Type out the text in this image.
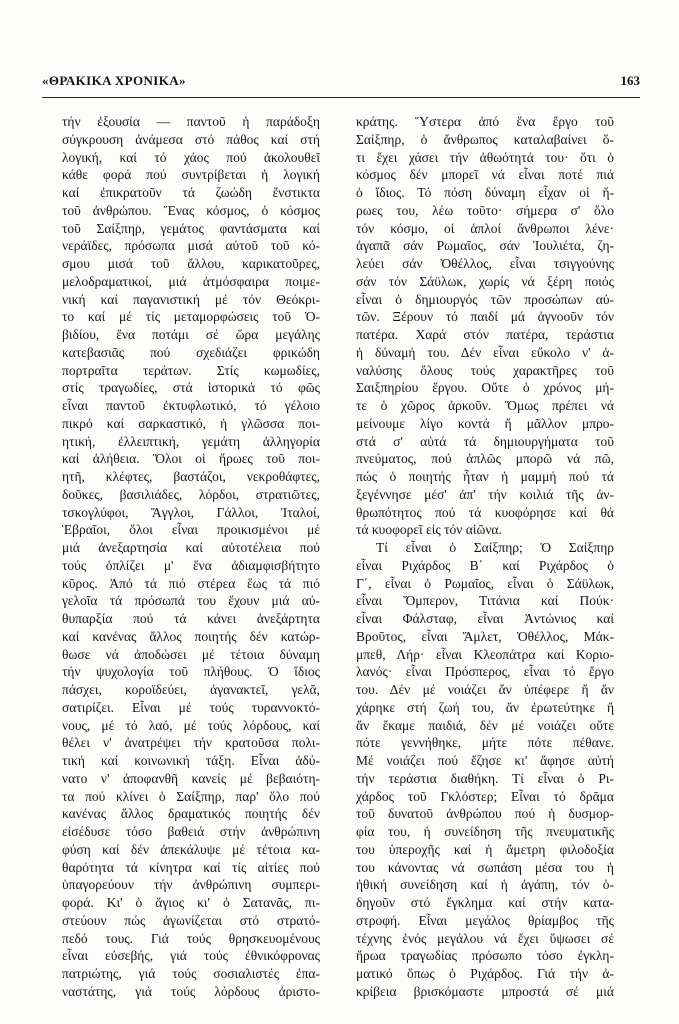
«ΘΡΑΚΙΚΑ ΧΡΟΝΙΚΑ»	163
τήν ἐξουσία — παντοῦ ἡ παράδοξη
σύγκρουση ἀνάμεσα στό πάθος καί στή
λογική, καί τό χάος πού ἀκολουθεῖ
κάθε φορά πού συντρίβεται ἡ λογική
καί ἐπικρατοῦν τά ζωώδη ἔνστικτα
τοῦ ἀνθρώπου. Ἕνας κόσμος, ὁ κόσμος
τοῦ Σαίξπηρ, γεμάτος φαντάσματα καί
νεράϊδες, πρόσωπα μισά αὐτοῦ τοῦ κό-
σμου μισά τοῦ ἄλλου, καρικατοῦρες,
μελοδραματικοί, μιά ἀτμόσφαιρα ποιμε-
νική καί παγανιστική μέ τόν Θεόκρι-
το καί μέ τίς μεταμορφώσεις τοῦ Ὀ-
βιδίου, ἕνα ποτάμι σέ ὥρα μεγάλης
κατεβασιᾶς πού σχεδιάζει φρικώδη
πορτραῖτα τεράτων. Στίς κωμωδίες,
στίς τραγωδίες, στά ἱστορικά τό φῶς
εἶναι παντοῦ ἐκτυφλωτικό, τό γέλοιο
πικρό καί σαρκαστικό, ἡ γλῶσσα ποι-
ητική, ἐλλειπτική, γεμάτη ἀλληγορία
καί ἀλήθεια. Ὅλοι οἱ ἥρωες τοῦ ποι-
ητῆ, κλέφτες, βαστάζοι, νεκροθάφτες,
δοῦκες, βασιλιάδες, λόρδοι, στρατιῶτες,
τσκογλύφοι, Ἄγγλοι, Γάλλοι, Ἰταλοί,
Ἑβραῖοι, ὅλοι εἶναι προικισμένοι μέ
μιά ἀνεξαρτησία καί αὐτοτέλεια πού
τούς ὁπλίζει μ' ἕνα ἀδιαμφισβήτητο
κῦρος. Ἀπό τά πιό στέρεα ἕως τά πιό
γελοῖα τά πρόσωπά του ἔχουν μιά αὐ-
θυπαρξία πού τά κάνει ἀνεξάρτητα
καί κανένας ἄλλος ποιητής δέν κατώρ-
θωσε νά ἀποδώσει μέ τέτοια δύναμη
τήν ψυχολογία τοῦ πλήθους. Ὁ ἴδιος
πάσχει, κοροϊδεύει, ἀγανακτεῖ, γελᾶ,
σατιρίζει. Εἶναι μέ τούς τυραννοκτό-
νους, μέ τό λαό, μέ τούς λόρδους, καί
θέλει ν' ἀνατρέψει τήν κρατοῦσα πολι-
τική καί κοινωνική τάξη. Εἶναι ἀδύ-
νατο ν' ἀποφανθῆ κανείς μέ βεβαιότη-
τα πού κλίνει ὁ Σαίξπηρ, παρ' ὅλο πού
κανένας ἄλλος δραματικός ποιητής δέν
εἰσέδυσε τόσο βαθειά στήν ἀνθρώπινη
φύση καί δέν ἀπεκάλυψε μέ τέτοια κα-
θαρότητα τά κίνητρα καί τίς αἰτίες πού
ὑπαγορεύουν τήν ἀνθρώπινη συμπερι-
φορά. Κι' ὁ ἅγιος κι' ὁ Σατανᾶς, πι-
στεύουν πώς ἀγωνίζεται στό στρατό-
πεδό τους. Γιά τούς θρησκευομένους
εἶναι εὐσεβής, γιά τούς ἐθνικόφρονας
πατριώτης, γιά τούς σοσιαλιστές ἐπα-
ναστάτης, γιά τούς λόρδους ἀριστο-
κράτης. Ὕστερα ἀπό ἕνα ἔργο τοῦ
Σαίξπηρ, ὁ ἄνθρωπος καταλαβαίνει ὅ-
τι ἔχει χάσει τήν ἀθωότητά του· ὅτι ὁ
κόσμος δέν μπορεῖ νά εἶναι ποτέ πιά
ὁ ἴδιος. Τό πόση δύναμη εἶχαν οἱ ἥ-
ρωες του, λέω τοῦτο· σήμερα σ' ὅλο
τόν κόσμο, οἱ ἁπλοί ἄνθρωποι λένε·
ἀγαπᾶ σάν Ρωμαῖος, σάν Ἰουλιέτα, ζη-
λεύει σάν Ὀθέλλος, εἶναι τσιγγούνης
σάν τόν Σάϋλωκ, χωρίς νά ξέρη ποιός
εἶναι ὁ δημιουργός τῶν προσώπων αὐ-
τῶν. Ξέρουν τό παιδί μά ἀγνοοῦν τόν
πατέρα. Χαρά στόν πατέρα, τεράστια
ἡ δύναμή του. Δέν εἶναι εὔκολο ν' ἀ-
ναλύσης ὅλους τούς χαρακτῆρες τοῦ
Σαιξπηρίου ἔργου. Οὔτε ὁ χρόνος μή-
τε ὁ χῶρος ἀρκοῦν. Ὅμως πρέπει νά
μείνουμε λίγο κοντά ἤ μᾶλλον μπρο-
στά σ' αὐτά τά δημιουργήματα τοῦ
πνεύματος, πού ἁπλῶς μπορῶ νά πῶ,
πώς ὁ ποιητής ἦταν ἡ μαμμή πού τά
ξεγέννησε μέσ' ἀπ' τήν κοιλιά τῆς ἀν-
θρωπότητος πού τά κυοφόρησε καί θά
τά κυοφορεῖ εἰς τόν αἰῶνα.
Τί εἶναι ὁ Σαίξπηρ; Ὁ Σαίξπηρ
εἶναι Ριχάρδος Β΄ καί Ριχάρδος ὁ
Γ΄, εἶναι ὁ Ρωμαῖος, εἶναι ὁ Σάϋλωκ,
εἶναι Ὄμπερον, Τιτάνια καί Πούκ·
εἶναι Φάλσταφ, εἶναι Ἀντώνιος καί
Βροῦτος, εἶναι Ἄμλετ, Ὀθέλλος, Μάκ-
μπεθ, Λήρ· εἶναι Κλεοπάτρα καί Κοριο-
λανός· εἶναι Πρόσπερος, εἶναι τό ἔργο
του. Δέν μέ νοιάζει ἄν ὑπέφερε ἤ ἄν
χάρηκε στή ζωή του, ἄν ἐρωτεύτηκε ἤ
ἄν ἔκαμε παιδιά, δέν μέ νοιάζει οὔτε
πότε γεννήθηκε, μήτε πότε πέθανε.
Μέ νοιάζει πού ἔζησε κι' ἄφησε αὐτή
τήν τεράστια διαθήκη. Τί εἶναι ὁ Ρι-
χάρδος τοῦ Γκλόστερ; Εἶναι τό δρᾶμα
τοῦ δυνατοῦ ἀνθρώπου πού ἡ δυσμορ-
φία του, ἡ συνείδηση τῆς πνευματικῆς
του ὑπεροχῆς καί ἡ ἄμετρη φιλοδοξία
του κάνοντας νά σωπάση μέσα του ἡ
ἠθική συνείδηση καί ἡ ἀγάπη, τόν ὁ-
δηγοῦν στό ἔγκλημα καί στήν κατα-
στροφή. Εἶναι μεγάλος θρίαμβος τῆς
τέχνης ἑνός μεγάλου νά ἔχει ὕψωσει σέ
ἥρωα τραγωδίας πρόσωπο τόσο ἐγκλη-
ματικό ὅπως ὁ Ριχάρδος. Γιά τήν ἀ-
κρίβεια βρισκόμαστε μπροστά σέ μιά
